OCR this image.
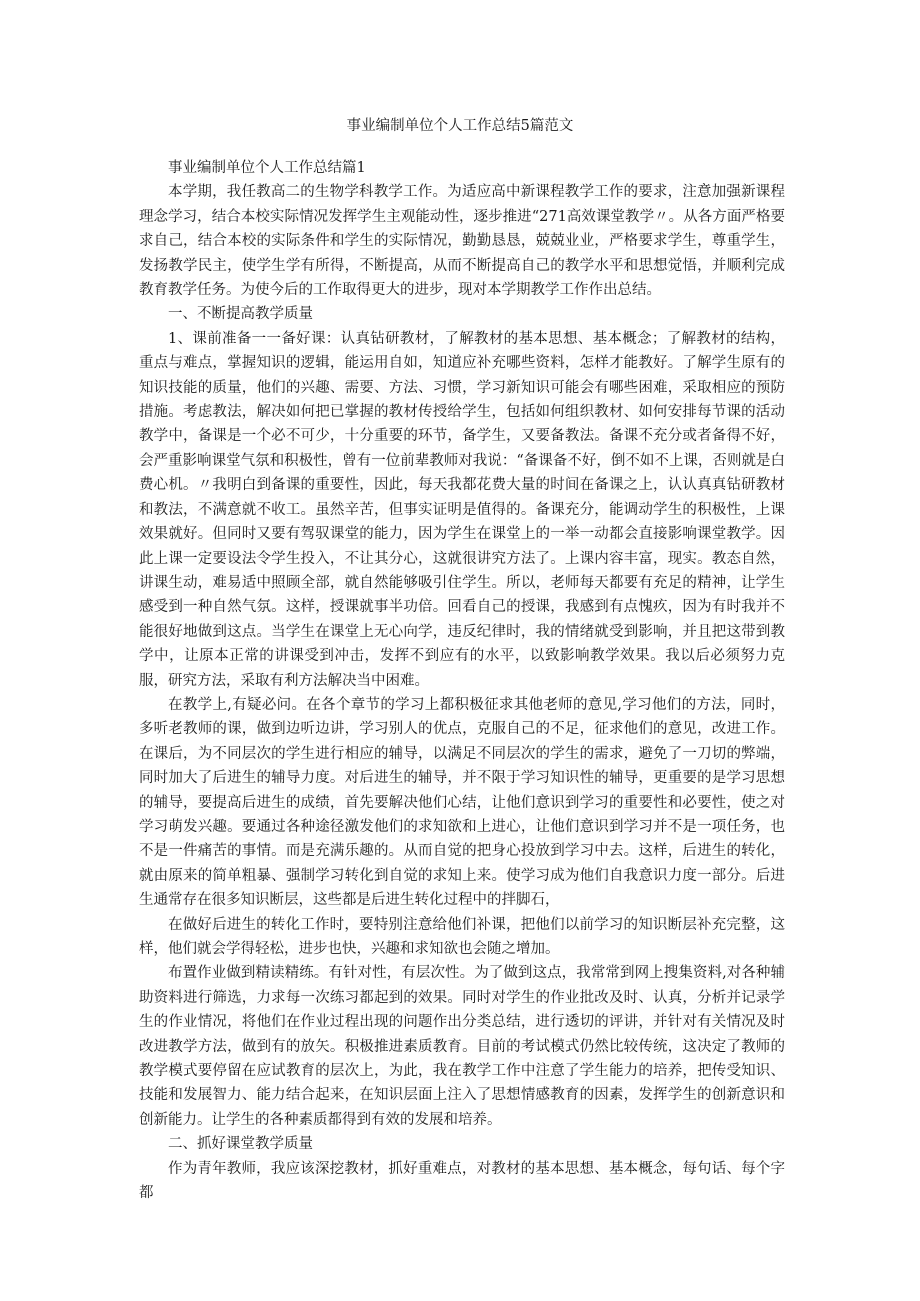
事业编制单位个人工作总结5篇范文

事业编制单位个人工作总结篇1

本学期，我任教高二的生物学科教学工作。为适应高中新课程教学工作的要求，注意加强新课程理念学习，结合本校实际情况发挥学生主观能动性，逐步推进“271高效课堂教学〃。从各方面严格要求自己，结合本校的实际条件和学生的实际情况，勤勤恳恳，兢兢业业，严格要求学生，尊重学生，发扬教学民主，使学生学有所得，不断提高，从而不断提高自己的教学水平和思想觉悟，并顺利完成教育教学任务。为使今后的工作取得更大的进步，现对本学期教学工作作出总结。

一、不断提高教学质量

1、课前准备一一备好课：认真钻研教材，了解教材的基本思想、基本概念；了解教材的结构，重点与难点，掌握知识的逻辑，能运用自如，知道应补充哪些资料，怎样才能教好。了解学生原有的知识技能的质量，他们的兴趣、需要、方法、习惯，学习新知识可能会有哪些困难，采取相应的预防措施。考虑教法，解决如何把已掌握的教材传授给学生，包括如何组织教材、如何安排每节课的活动教学中，备课是一个必不可少，十分重要的环节，备学生，又要备教法。备课不充分或者备得不好，会严重影响课堂气氛和积极性，曾有一位前辈教师对我说：“备课备不好，倒不如不上课，否则就是白费心机。〃我明白到备课的重要性，因此，每天我都花费大量的时间在备课之上，认认真真钻研教材和教法，不满意就不收工。虽然辛苦，但事实证明是值得的。备课充分，能调动学生的积极性，上课效果就好。但同时又要有驾驭课堂的能力，因为学生在课堂上的一举一动都会直接影响课堂教学。因此上课一定要设法令学生投入，不让其分心，这就很讲究方法了。上课内容丰富，现实。教态自然，讲课生动，难易适中照顾全部，就自然能够吸引住学生。所以，老师每天都要有充足的精神，让学生感受到一种自然气氛。这样，授课就事半功倍。回看自己的授课，我感到有点愧疚，因为有时我并不能很好地做到这点。当学生在课堂上无心向学，违反纪律时，我的情绪就受到影响，并且把这带到教学中，让原本正常的讲课受到冲击，发挥不到应有的水平，以致影响教学效果。我以后必须努力克服，研究方法，采取有利方法解决当中困难。

在教学上,有疑必问。在各个章节的学习上都积极征求其他老师的意见,学习他们的方法，同时，多听老教师的课，做到边听边讲，学习别人的优点，克服自己的不足，征求他们的意见，改进工作。在课后，为不同层次的学生进行相应的辅导，以满足不同层次的学生的需求，避免了一刀切的弊端，同时加大了后进生的辅导力度。对后进生的辅导，并不限于学习知识性的辅导，更重要的是学习思想的辅导，要提高后进生的成绩，首先要解决他们心结，让他们意识到学习的重要性和必要性，使之对学习萌发兴趣。要通过各种途径激发他们的求知欲和上进心，让他们意识到学习并不是一项任务，也不是一件痛苦的事情。而是充满乐趣的。从而自觉的把身心投放到学习中去。这样，后进生的转化，就由原来的简单粗暴、强制学习转化到自觉的求知上来。使学习成为他们自我意识力度一部分。后进生通常存在很多知识断层，这些都是后进生转化过程中的拌脚石，

在做好后进生的转化工作时，要特别注意给他们补课，把他们以前学习的知识断层补充完整，这样，他们就会学得轻松，进步也快，兴趣和求知欲也会随之增加。

布置作业做到精读精练。有针对性，有层次性。为了做到这点，我常常到网上搜集资料,对各种辅助资料进行筛选，力求每一次练习都起到的效果。同时对学生的作业批改及时、认真，分析并记录学生的作业情况，将他们在作业过程出现的问题作出分类总结，进行透切的评讲，并针对有关情况及时改进教学方法，做到有的放矢。积极推进素质教育。目前的考试模式仍然比较传统，这决定了教师的教学模式要停留在应试教育的层次上，为此，我在教学工作中注意了学生能力的培养，把传受知识、技能和发展智力、能力结合起来，在知识层面上注入了思想情感教育的因素，发挥学生的创新意识和创新能力。让学生的各种素质都得到有效的发展和培养。

二、抓好课堂教学质量

作为青年教师，我应该深挖教材，抓好重难点，对教材的基本思想、基本概念，每句话、每个字都
